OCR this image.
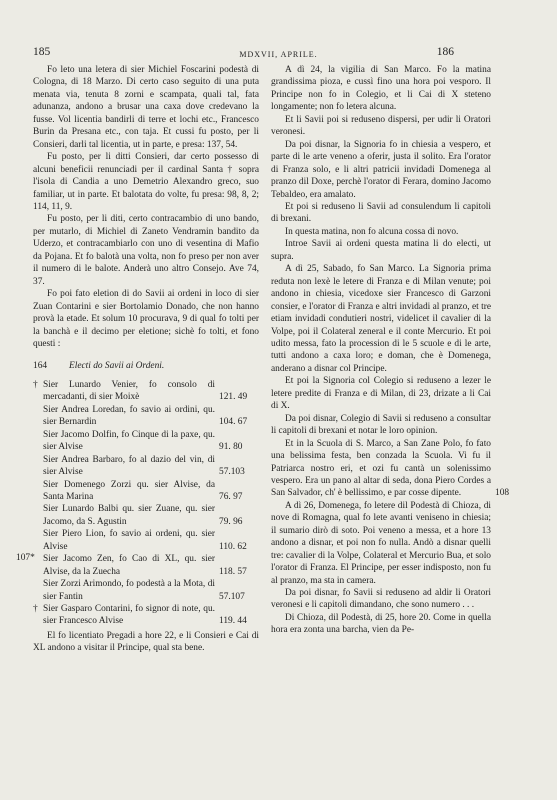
185	MDXVII, APRILE.	186

Fo leto una letera di sier Michiel Foscarini podestà di Cologna, di 18 Marzo. Di certo caso seguito di una puta menata via, tenuta 8 zorni e scampata, quali tal, fata adunanza, andono a brusar una caxa dove credevano la fusse. Vol licentia bandirli di terre et lochi etc., Francesco Burin da Presana etc., con taja. Et cussi fu posto, per li Consieri, darli tal licentia, ut in parte, e presa: 137, 54.

Fu posto, per li ditti Consieri, dar certo possesso di alcuni beneficii renunciadi per il cardinal Santa † sopra l'isola di Candia a uno Demetrio Alexandro greco, suo familiar, ut in parte. Et balotata do volte, fu presa: 98, 8, 2; 114, 11, 9.

Fu posto, per li diti, certo contracambio di uno bando, per mutarlo, di Michiel di Zaneto Vendramin bandito da Uderzo, et contracambiarlo con uno di vesentina di Mafio da Pojana. Et fo balotà una volta, non fo preso per non aver il numero di le balote. Anderà uno altro Consejo. Ave 74, 37.

Fo poi fato eletion di do Savii ai ordeni in loco di sier Zuan Contarini e sier Bortolamio Donado, che non hanno provà la etade. Et solum 10 procurava, 9 di qual fo tolti per la banchà e il decimo per eletione; sichè fo tolti, et fono questi :

164 Electi do Savii ai Ordeni.

† Sier Lunardo Venier, fo consolo di mercadanti, di sier Moixè	121. 49

Sier Andrea Loredan, fo savio ai ordini, qu. sier Bernardin	104. 67

Sier Jacomo Dolfin, fo Cinque di la paxe, qu. sier Alvise	91. 80

Sier Andrea Barbaro, fo al dazio del vin, di sier Alvise	57.103

Sier Domenego Zorzi qu. sier Alvise, da Santa Marina	76. 97

Sier Lunardo Balbi qu. sier Zuane, qu. sier Jacomo, da S. Agustin	79. 96

Sier Piero Lion, fo savio ai ordeni, qu. sier Alvise	110. 62

Sier Jacomo Zen, fo Cao di XL, qu. sier Alvise, da la Zuecha	118. 57

Sier Zorzi Arimondo, fo podestà a la Mota, di sier Fantin	57.107

† Sier Gasparo Contarini, fo signor di note, qu. sier Francesco Alvise	119. 44

El fo licentiato Pregadi a hore 22, e li Consieri e Cai di XL andono a visitar il Principe, qual sta bene.

A dì 24, la vigilia di San Marco. Fo la matina grandissima pioza, e cussì fino una hora poi vesporo. Il Principe non fo in Colegio, et li Cai di X steteno longamente; non fo letera alcuna.

Et li Savii poi si reduseno dispersi, per udir li Oratori veronesi.

Da poi disnar, la Signoria fo in chiesia a vespero, et parte di le arte veneno a oferir, justa il solito. Era l'orator di Franza solo, e li altri patricii invidadi Domenega al pranzo dil Doxe, perchè l'orator di Ferara, domino Jacomo Tebaldeo, era amalato.

Et poi si reduseno li Savii ad consulendum li capitoli di brexani.

In questa matina, non fo alcuna cossa di novo.

Introe Savii ai ordeni questa matina li do electi, ut supra.

A dì 25, Sabado, fo San Marco. La Signoria prima reduta non lexè le letere di Franza e di Milan venute; poi andono in chiesia, vicedoxe sier Francesco di Garzoni consier, e l'orator di Franza e altri invidadi al pranzo, et tre etiam invidadi condutieri nostri, videlicet il cavalier di la Volpe, poi il Colateral zeneral e il conte Mercurio. Et poi udito messa, fato la procession di le 5 scuole e di le arte, tutti andono a caxa loro; e doman, che è Domenega, anderano a disnar col Principe.

Et poi la Signoria col Colegio si reduseno a lezer le letere predite di Franza e di Milan, di 23, drizate a li Cai di X.

Da poi disnar, Colegio di Savii si reduseno a consultar li capitoli di brexani et notar le loro opinion.

Et in la Scuola di S. Marco, a San Zane Polo, fo fato una belissima festa, ben conzada la Scuola. Vi fu il Patriarca nostro eri, et ozi fu cantà un solenissimo vespero. Era un pano al altar di seda, dona Piero Cordes a San Salvador, ch' è bellissimo, e par cosse dipente.

A dì 26, Domenega, fo letere dil Podestà di Chioza, di nove di Romagna, qual fo lete avanti veniseno in chiesia; il sumario dirò di soto. Poi veneno a messa, et a hore 13 andono a disnar, et poi non fo nulla. Andò a disnar quelli tre: cavalier di la Volpe, Colateral et Mercurio Bua, et solo l'orator di Franza. El Principe, per esser indisposto, non fu al pranzo, ma sta in camera.

Da poi disnar, fo Savii si reduseno ad aldir li Oratori veronesi e li capitoli dimandano, che sono numero . . .

Di Chioza, dil Podestà, di 25, hore 20. Come in quella hora era zonta una barcha, vien da Pe-

107*
108
